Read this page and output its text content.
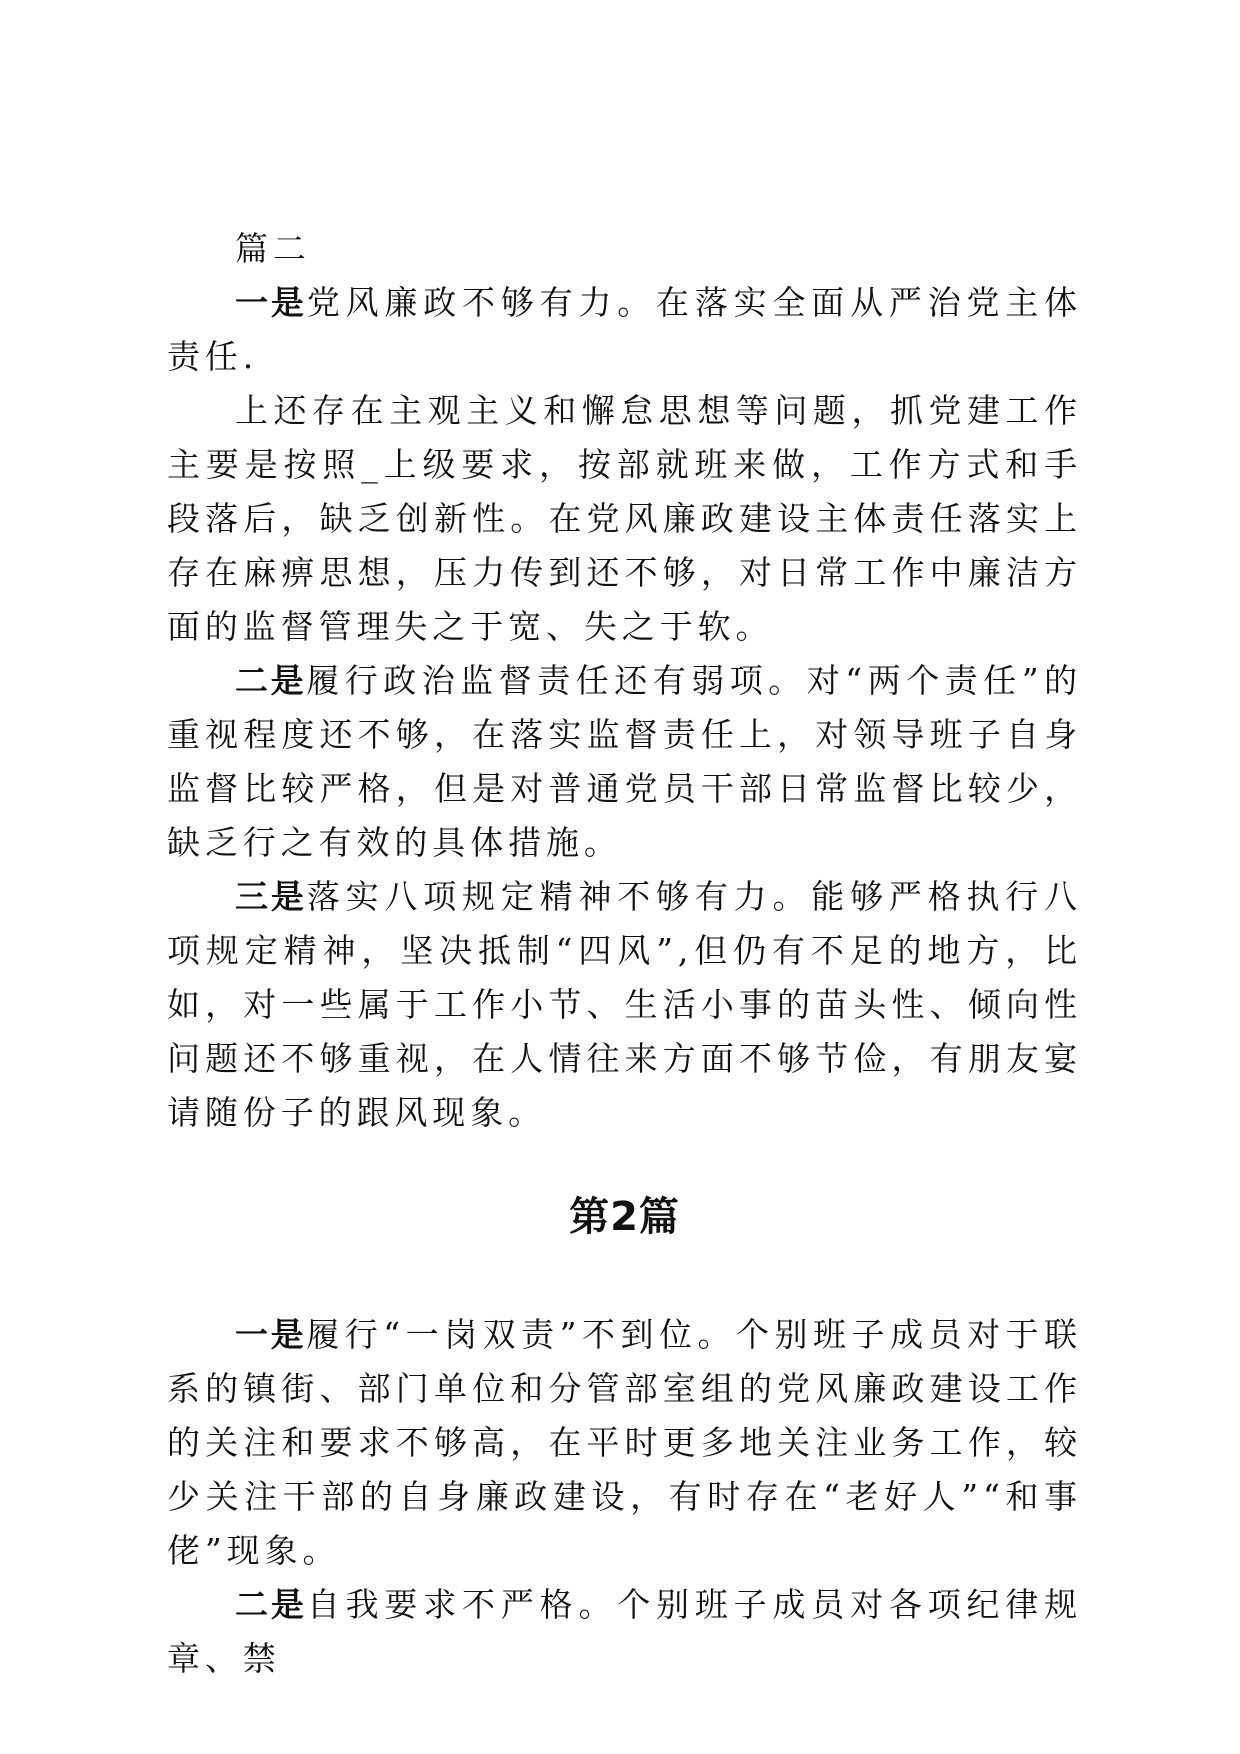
篇二

一是党风廉政不够有力。在落实全面从严治党主体责任.

上还存在主观主义和懈怠思想等问题，抓党建工作主要是按照_上级要求，按部就班来做，工作方式和手段落后，缺乏创新性。在党风廉政建设主体责任落实上存在麻痹思想，压力传到还不够，对日常工作中廉洁方面的监督管理失之于宽、失之于软。

二是履行政治监督责任还有弱项。对“两个责任”的重视程度还不够，在落实监督责任上，对领导班子自身监督比较严格，但是对普通党员干部日常监督比较少，缺乏行之有效的具体措施。

三是落实八项规定精神不够有力。能够严格执行八项规定精神，坚决抵制“四风”,但仍有不足的地方，比如，对一些属于工作小节、生活小事的苗头性、倾向性问题还不够重视，在人情往来方面不够节俭，有朋友宴请随份子的跟风现象。

第2篇

一是履行“一岗双责”不到位。个别班子成员对于联系的镇街、部门单位和分管部室组的党风廉政建设工作的关注和要求不够高，在平时更多地关注业务工作，较少关注干部的自身廉政建设，有时存在“老好人”“和事佬”现象。

二是自我要求不严格。个别班子成员对各项纪律规章、禁
